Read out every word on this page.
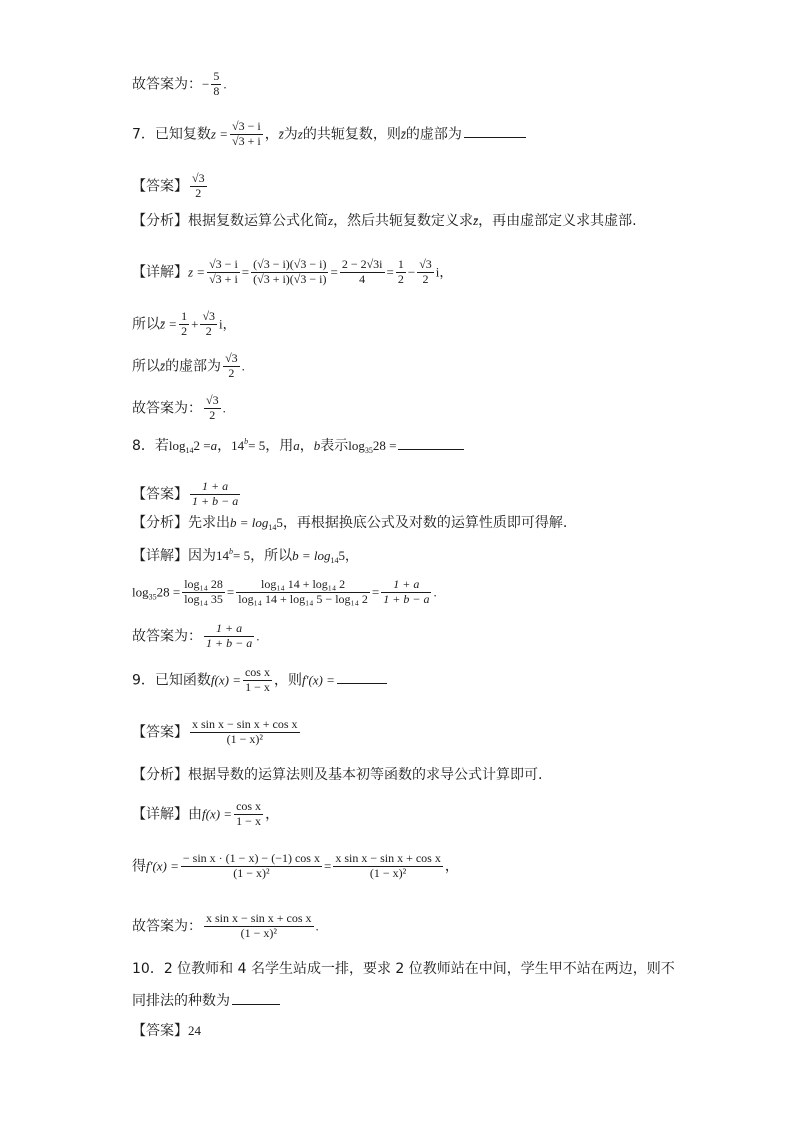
故答案为：− $\frac{5}{8}$ .
7．已知复数$z = \frac{√3 - i}{√3 + i}$ ，z̄为z的共轭复数，则z̄的虚部为
【答案】 $\frac{√3}{2}$
【分析】根据复数运算公式化简z，然后共轭复数定义求z̄，再由虚部定义求其虚部.
【详解】$z = \frac{√3 - i}{√3 + i} = \frac{(√3 - i)(√3 - i)}{(√3 + i)(√3 - i)} = \frac{2 - 2√3i}{4} = \frac{1}{2} - \frac{√3}{2}$ i，
所以z̄ = $\frac{1}{2} + \frac{√3}{2}$ i，
所以z̄的虚部为 $\frac{√3}{2}$ .
故答案为： $\frac{√3}{2}$ .
8．若$\log_{14}2 =a$，$14^b= 5$，用a，b表示$\log_{35}28$ =
【答案】 $\frac{1 + a}{1 + b - a}$
【分析】先求出$b = \log_{14}5$，再根据换底公式及对数的运算性质即可得解.
【详解】因为$14^b= 5$，所以$b = \log_{14}5$，
$\log_{35}28 = \frac{\text{log₁₄ 28}}{\text{log₁₄ 35}} = \frac{\text{log₁₄ 14 + log₁₄ 2}}{\text{log₁₄ 14 + log₁₄ 5 − log₁₄ 2}} = \frac{1 + a}{1 + b - a}$ .
故答案为： $\frac{1 + a}{1 + b - a}$ .
9．已知函数$f(x) = \frac{\text{cos x}}{1 - x}$ ，则f′(x) =
【答案】 $\frac{\text{x sin x − sin x + cos x}}{\text{(1 − x)²}}$
【分析】根据导数的运算法则及基本初等函数的求导公式计算即可.
【详解】由$f(x) = \frac{\text{cos x}}{1 - x}$ ，
得$f'(x) = \frac{\text{− sin x · (1 − x) − (−1) cos x}}{\text{(1 − x)²}} = \frac{\text{x sin x − sin x + cos x}}{\text{(1 − x)²}}$ ，
故答案为： $\frac{\text{x sin x − sin x + cos x}}{\text{(1 − x)²}}$ .
10．2 位教师和 4 名学生站成一排，要求 2 位教师站在中间，学生甲不站在两边，则不
同排法的种数为
【答案】24
